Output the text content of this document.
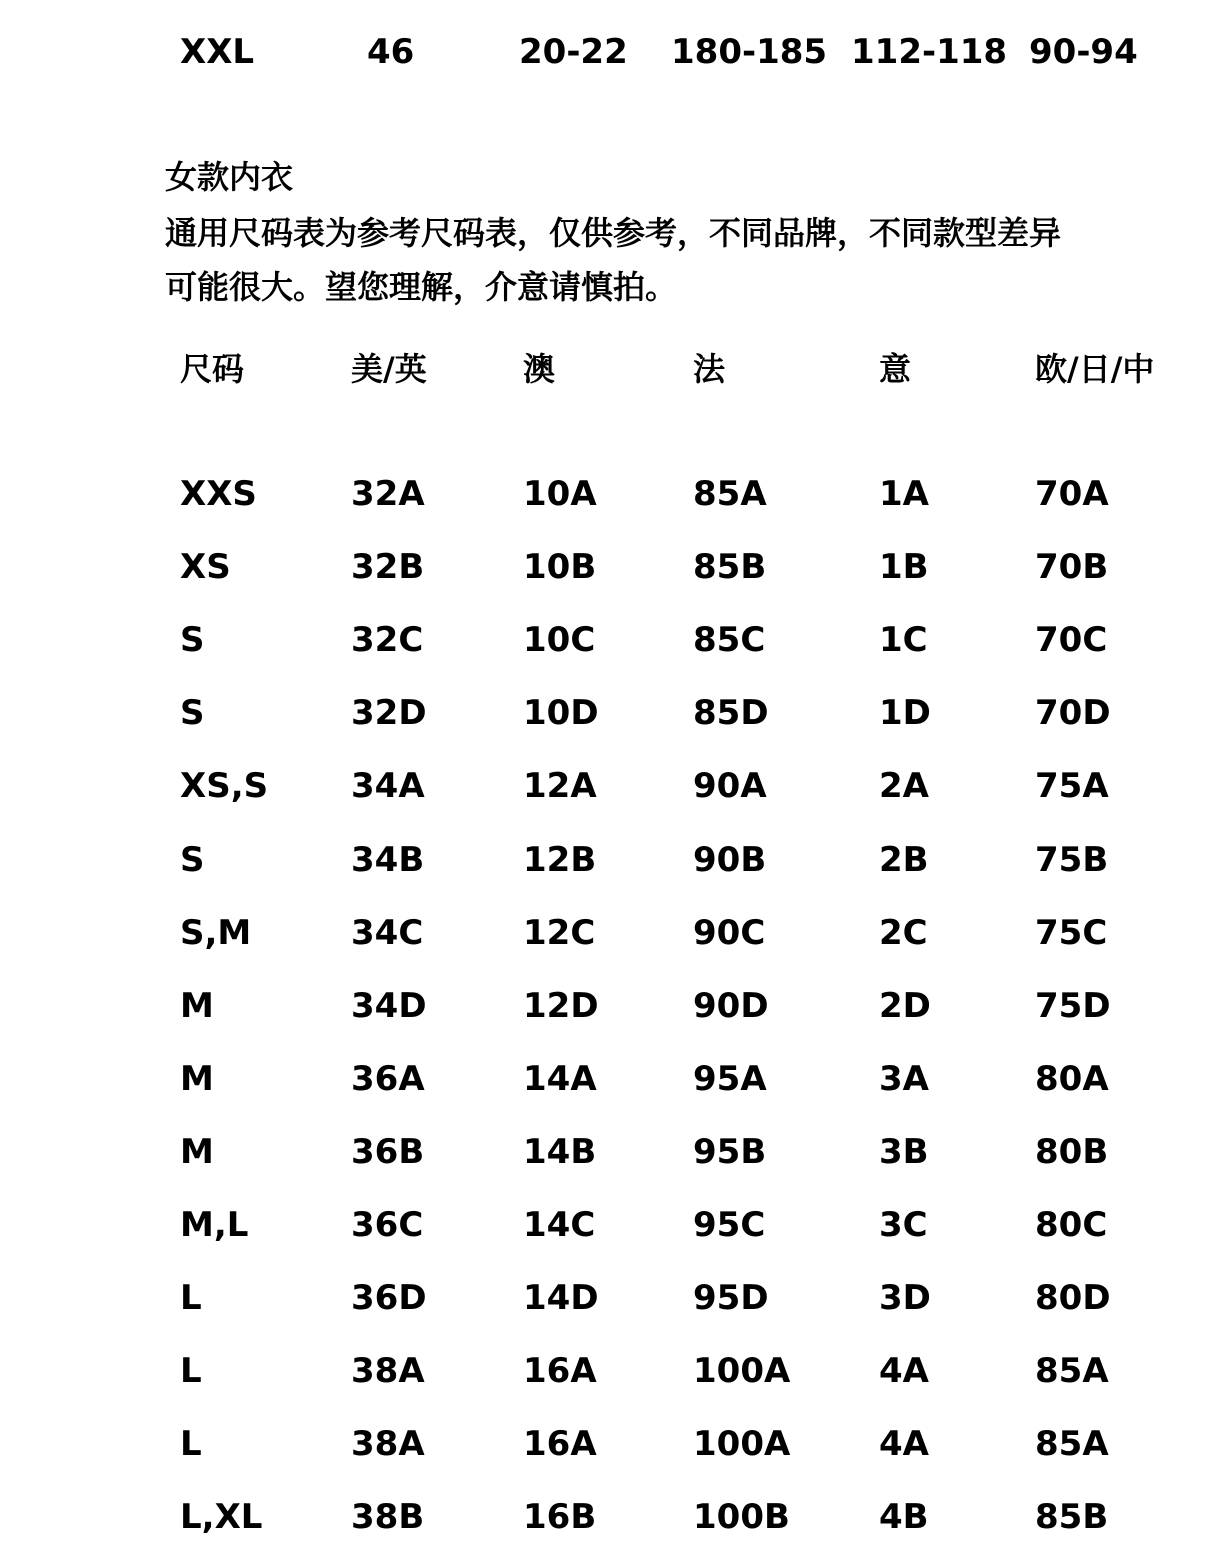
XXL	46	20-22 180-185 112-118 90-94
女款内衣
通用尺码表为参考尺码表，仅供参考，不同品牌，不同款型差异
可能很大。望您理解，介意请慎拍。
尺码	美/英	澳	法	意	欧/日/中
XXS	32A	10A	85A	1A	70A
XS	32B	10B	85B	1B	70B
S	32C	10C	85C	1C	70C
S	32D	10D	85D	1D	70D
XS,S 34A	12A	90A	2A	75A
S	34B	12B	90B	2B	75B
S,M	34C	12C	90C	2C	75C
M	34D	12D	90D	2D	75D
M	36A	14A	95A	3A	80A
M	36B	14B	95B	3B	80B
M,L	36C	14C	95C	3C	80C
L	36D	14D	95D	3D	80D
L	38A	16A	100A	4A	85A
L	38A	16A	100A	4A	85A
L,XL	38B	16B	100B	4B	85B
